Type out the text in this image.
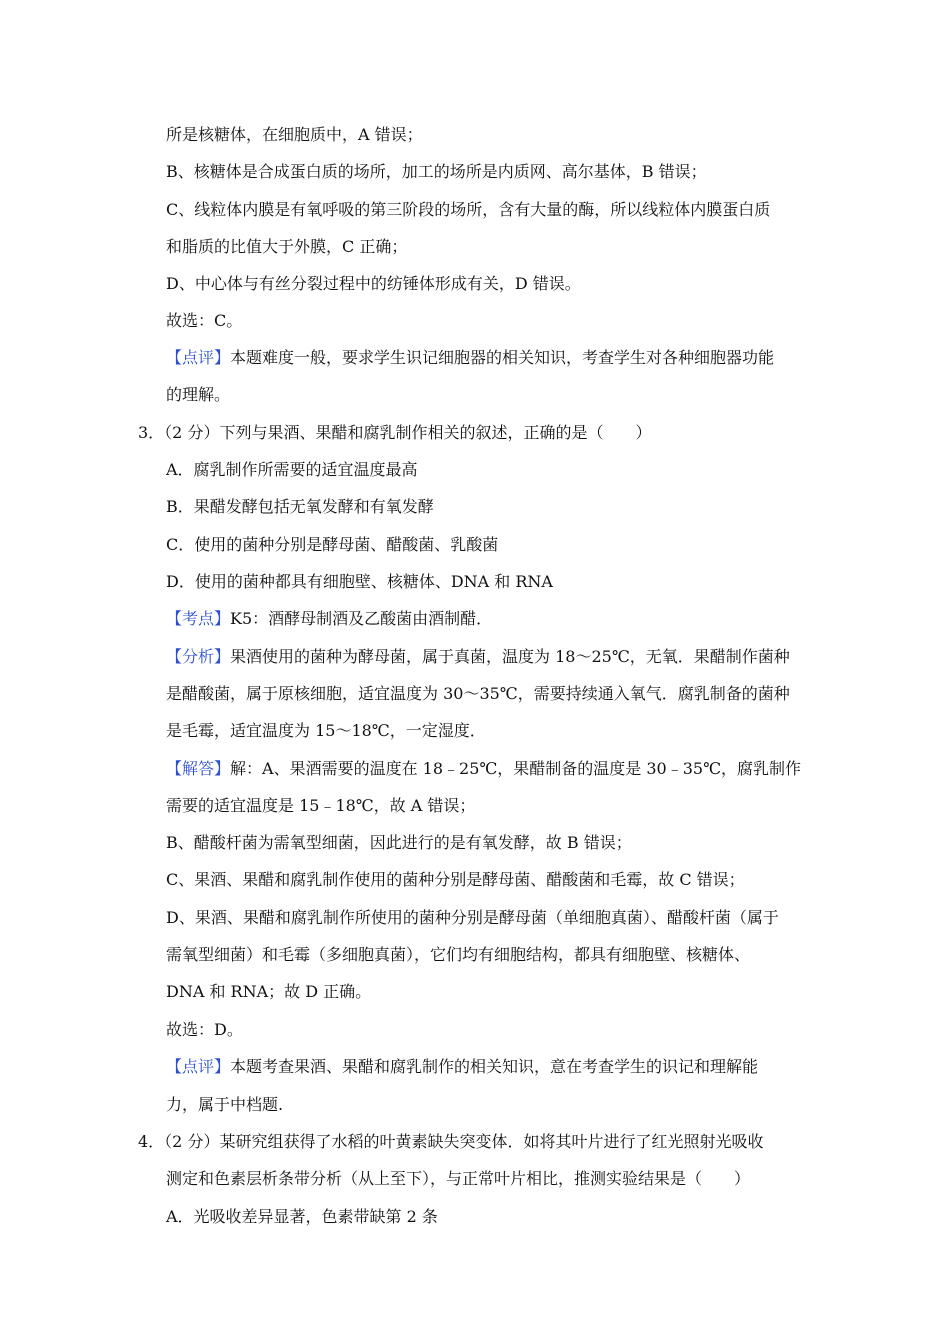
所是核糖体，在细胞质中，A 错误；
B、核糖体是合成蛋白质的场所，加工的场所是内质网、高尔基体，B 错误；
C、线粒体内膜是有氧呼吸的第三阶段的场所，含有大量的酶，所以线粒体内膜蛋白质
和脂质的比值大于外膜，C 正确；
D、中心体与有丝分裂过程中的纺锤体形成有关，D 错误。
故选：C。
【点评】本题难度一般，要求学生识记细胞器的相关知识，考查学生对各种细胞器功能
的理解。
3．（2 分）下列与果酒、果醋和腐乳制作相关的叙述，正确的是（　　）
A．腐乳制作所需要的适宜温度最高
B．果醋发酵包括无氧发酵和有氧发酵
C．使用的菌种分别是酵母菌、醋酸菌、乳酸菌
D．使用的菌种都具有细胞壁、核糖体、DNA 和 RNA
【考点】K5：酒酵母制酒及乙酸菌由酒制醋．
【分析】果酒使用的菌种为酵母菌，属于真菌，温度为 18～25℃，无氧．果醋制作菌种
是醋酸菌，属于原核细胞，适宜温度为 30～35℃，需要持续通入氧气．腐乳制备的菌种
是毛霉，适宜温度为 15～18℃，一定湿度．
【解答】解：A、果酒需要的温度在 18﹣25℃，果醋制备的温度是 30﹣35℃，腐乳制作
需要的适宜温度是 15﹣18℃，故 A 错误；
B、醋酸杆菌为需氧型细菌，因此进行的是有氧发酵，故 B 错误；
C、果酒、果醋和腐乳制作使用的菌种分别是酵母菌、醋酸菌和毛霉，故 C 错误；
D、果酒、果醋和腐乳制作所使用的菌种分别是酵母菌（单细胞真菌）、醋酸杆菌（属于
需氧型细菌）和毛霉（多细胞真菌），它们均有细胞结构，都具有细胞壁、核糖体、
DNA 和 RNA；故 D 正确。
故选：D。
【点评】本题考查果酒、果醋和腐乳制作的相关知识，意在考查学生的识记和理解能
力，属于中档题.
4．（2 分）某研究组获得了水稻的叶黄素缺失突变体．如将其叶片进行了红光照射光吸收
测定和色素层析条带分析（从上至下），与正常叶片相比，推测实验结果是（　　）
A．光吸收差异显著，色素带缺第 2 条
